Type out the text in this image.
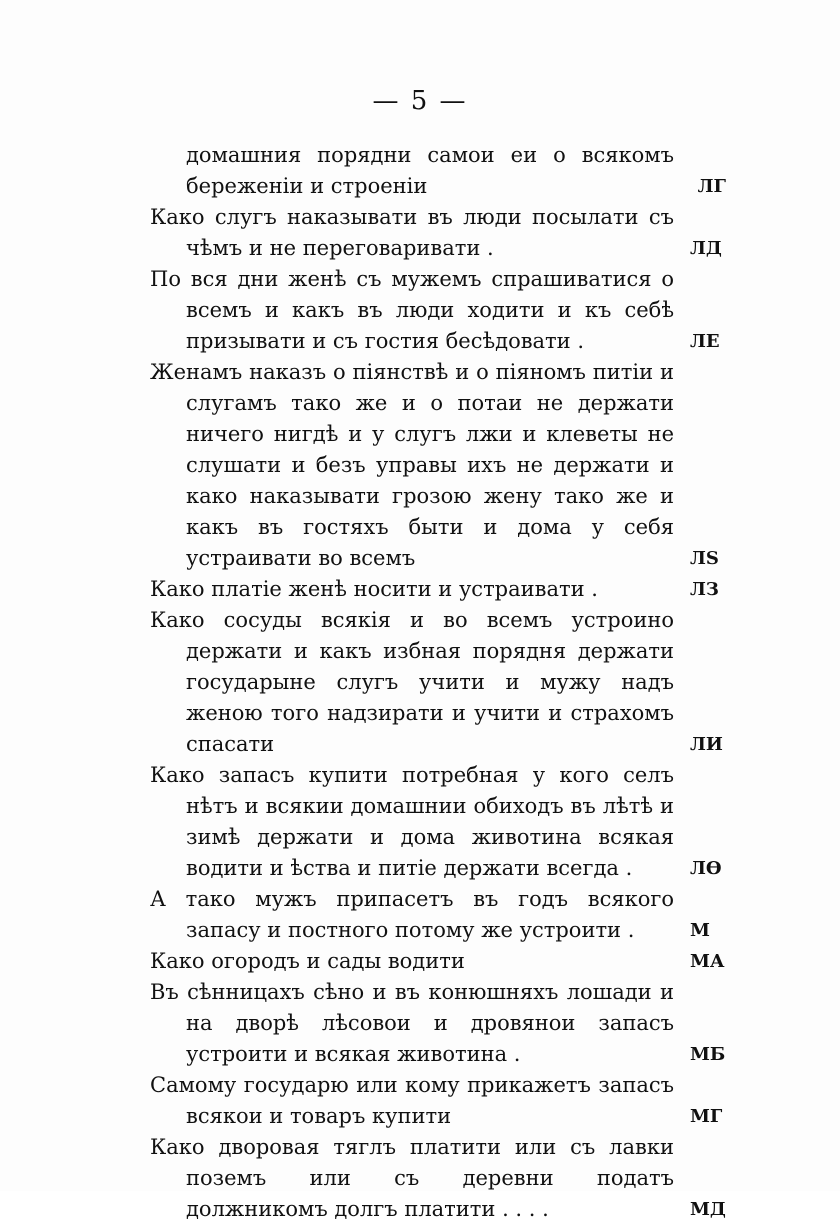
— 5 —

домашния порядни самои еи о всякомъ береженіи и строеніи	ЛГ

Како слугъ наказывати въ люди посылати съ чѣмъ и не переговаривати .	ЛД

По вся дни женѣ съ мужемъ спрашиватися о всемъ и какъ въ люди ходити и къ себѣ призывати и съ гостия бесѣдовати .	ЛЕ

Женамъ наказъ о піянствѣ и о піяномъ питіи и слугамъ тако же и о потаи не держати ничего нигдѣ и у слугъ лжи и клеветы не слушати и безъ управы ихъ не держати и како наказывати грозою жену тако же и какъ въ гостяхъ быти и дома у себя устраивати во всемъ	ЛЅ

Како платіе женѣ носити и устраивати .	ЛЗ

Како сосуды всякія и во всемъ устроино держати и какъ избная порядня держати государыне слугъ учити и мужу надъ женою того надзирати и учити и страхомъ спасати	ЛИ

Како запасъ купити потребная у кого селъ нѣтъ и всякии домашнии обиходъ въ лѣтѣ и зимѣ держати и дома животина всякая водити и ѣства и питіе держати всегда .	ЛѲ

А тако мужъ припасетъ въ годъ всякого запасу и постного потому же устроити .	М

Како огородъ и сады водити	МА

Въ сѣнницахъ сѣно и въ конюшняхъ лошади и на дворѣ лѣсовои и дровянои запасъ устроити и всякая животина .	МБ

Самому государю или кому прикажетъ запасъ всякои и товаръ купити	МГ

Како дворовая тяглъ платити или съ лавки поземъ или съ деревни податъ должникомъ долгъ платити . . . .	МД
